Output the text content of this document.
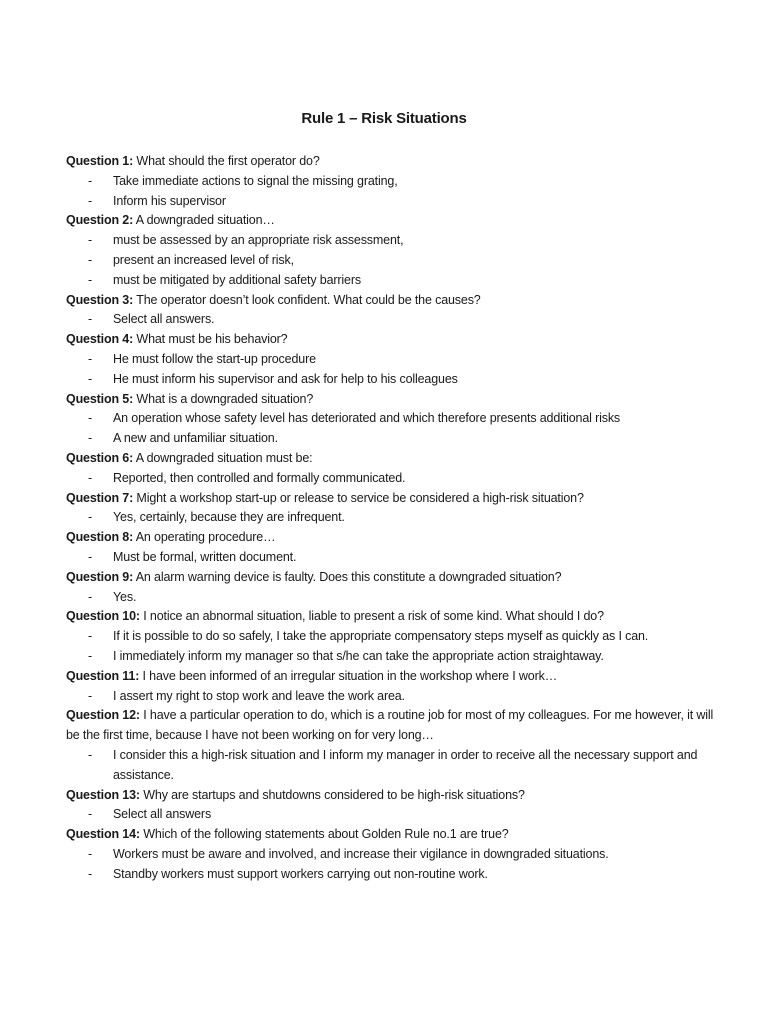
Rule 1 – Risk Situations

Question 1: What should the first operator do?

- Take immediate actions to signal the missing grating,
- Inform his supervisor

Question 2: A downgraded situation…

- must be assessed by an appropriate risk assessment,
- present an increased level of risk,
- must be mitigated by additional safety barriers

Question 3: The operator doesn’t look confident. What could be the causes?

- Select all answers.

Question 4: What must be his behavior?

- He must follow the start-up procedure
- He must inform his supervisor and ask for help to his colleagues

Question 5: What is a downgraded situation?

- An operation whose safety level has deteriorated and which therefore presents additional risks
- A new and unfamiliar situation.

Question 6: A downgraded situation must be:

- Reported, then controlled and formally communicated.

Question 7: Might a workshop start-up or release to service be considered a high-risk situation?

- Yes, certainly, because they are infrequent.

Question 8: An operating procedure…

- Must be formal, written document.

Question 9: An alarm warning device is faulty. Does this constitute a downgraded situation?

- Yes.

Question 10: I notice an abnormal situation, liable to present a risk of some kind. What should I do?

- If it is possible to do so safely, I take the appropriate compensatory steps myself as quickly as I can.
- I immediately inform my manager so that s/he can take the appropriate action straightaway.

Question 11: I have been informed of an irregular situation in the workshop where I work…

- I assert my right to stop work and leave the work area.

Question 12: I have a particular operation to do, which is a routine job for most of my colleagues. For me however, it will be the first time, because I have not been working on for very long…

- I consider this a high-risk situation and I inform my manager in order to receive all the necessary support and assistance.

Question 13: Why are startups and shutdowns considered to be high-risk situations?

- Select all answers

Question 14: Which of the following statements about Golden Rule no.1 are true?

- Workers must be aware and involved, and increase their vigilance in downgraded situations.
- Standby workers must support workers carrying out non-routine work.
